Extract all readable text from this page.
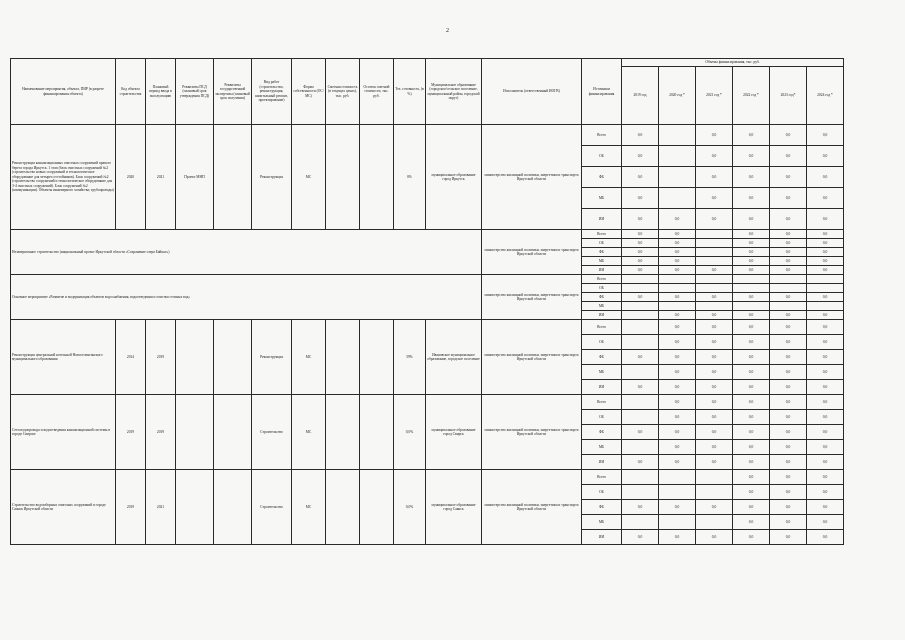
2
Наименование мероприятия, объекта, ПИР (в разрезе финансирования объекта)	Код объекта строительства	Плановый период ввода в эксплуатацию	Реквизиты ПСД (плановый срок утверждения ПСД)	Реквизиты государственной экспертизы (плановый срок получения)	Вид работ (строительство, реконструкция, капитальный ремонт, проектирование)	Форма собственности (ОС/МС)	Сметная стоимость (в текущих ценах), тыс. руб.	Остаток сметной стоимости, тыс. руб.	Тех. готовность, (в %)	Муниципальное образование (городское/сельское поселение, муниципальный район, городской округ)	Исполнитель (ответственный ИОГВ)	Источники финансирования	Объемы финансирования, тыс. руб.					
													2019 год	2020 год *	2021 год *	2022 год *	2023 год*	2024 год *
Реконструкция канализационных очистных сооружений правого берега города Иркутск. 1 этап (блок очистных сооружений №2 (строительство новых сооружений и технологическое оборудование для четырех отстойников). Блок сооружений №2 (строительство сооружений и технологическое оборудование для 3-4 очистных сооружений). Блок сооружений №2 (коммуникации). Объекты инженерного хозяйства; трубопроводы)	2020	2021	Проект МНП		Реконструкция	МС			0%	муниципальное образование город Иркутск	министерство жилищной политики, энергетики и транспорта Иркутской области	Всего	0,0		0,0	0,0	0,0	0,0
												ОБ	0,0		0,0	0,0	0,0	0,0
												ФБ	0,0		0,0	0,0	0,0	0,0
												МБ	0,0		0,0	0,0	0,0	0,0
												ИИ	0,0	0,0	0,0	0,0	0,0	0,0
Незавершенное строительство (национальный проект Иркутской области «Сохранение озера Байкал»)											министерство жилищной политики, энергетики и транспорта Иркутской области	Всего	0,0	0,0		0,0	0,0	0,0
												ОБ	0,0	0,0		0,0	0,0	0,0
												ФБ	0,0	0,0		0,0	0,0	0,0
												МБ	0,0	0,0		0,0	0,0	0,0
												ИИ	0,0	0,0	0,0	0,0	0,0	0,0
Основное мероприятие «Развитие и модернизация объектов водоснабжения, водоотведения и очистки сточных вод»											министерство жилищной политики, энергетики и транспорта Иркутской области	Всего						
												ОБ						
												ФБ	0,0	0,0	0,0	0,0	0,0	0,0
												МБ						
												ИИ		0,0	0,0	0,0	0,0	0,0
Реконструкция центральной котельной Новоселенгинского муниципального образования	2014	2019			Реконструкция	МС			59%	Ивановское муниципальное образование, городское поселение	министерство жилищной политики, энергетики и транспорта Иркутской области	Всего		0,0	0,0	0,0	0,0	0,0
												ОБ		0,0	0,0	0,0	0,0	0,0
												ФБ	0,0	0,0	0,0	0,0	0,0	0,0
												МБ		0,0	0,0	0,0	0,0	0,0
												ИИ	0,0	0,0	0,0	0,0	0,0	0,0
Сети водопровода и водоотведения канализационной системы в городе Свирске	2019	2019			Строительство	МС			0,0%	муниципальное образование город Свирск	министерство жилищной политики, энергетики и транспорта Иркутской области	Всего		0,0	0,0	0,0	0,0	0,0
												ОБ		0,0	0,0	0,0	0,0	0,0
												ФБ	0,0	0,0	0,0	0,0	0,0	0,0
												МБ		0,0	0,0	0,0	0,0	0,0
												ИИ	0,0	0,0	0,0	0,0	0,0	0,0
Строительство водозаборных очистных сооружений в городе Саянск Иркутской области	2019	2021			Строительство	МС			0,0%	муниципальное образование город Саянск	министерство жилищной политики, энергетики и транспорта Иркутской области	Всего				0,0	0,0	0,0
												ОБ				0,0	0,0	0,0
												ФБ	0,0	0,0	0,0	0,0	0,0	0,0
												МБ				0,0	0,0	0,0
												ИИ	0,0	0,0	0,0	0,0	0,0	0,0
